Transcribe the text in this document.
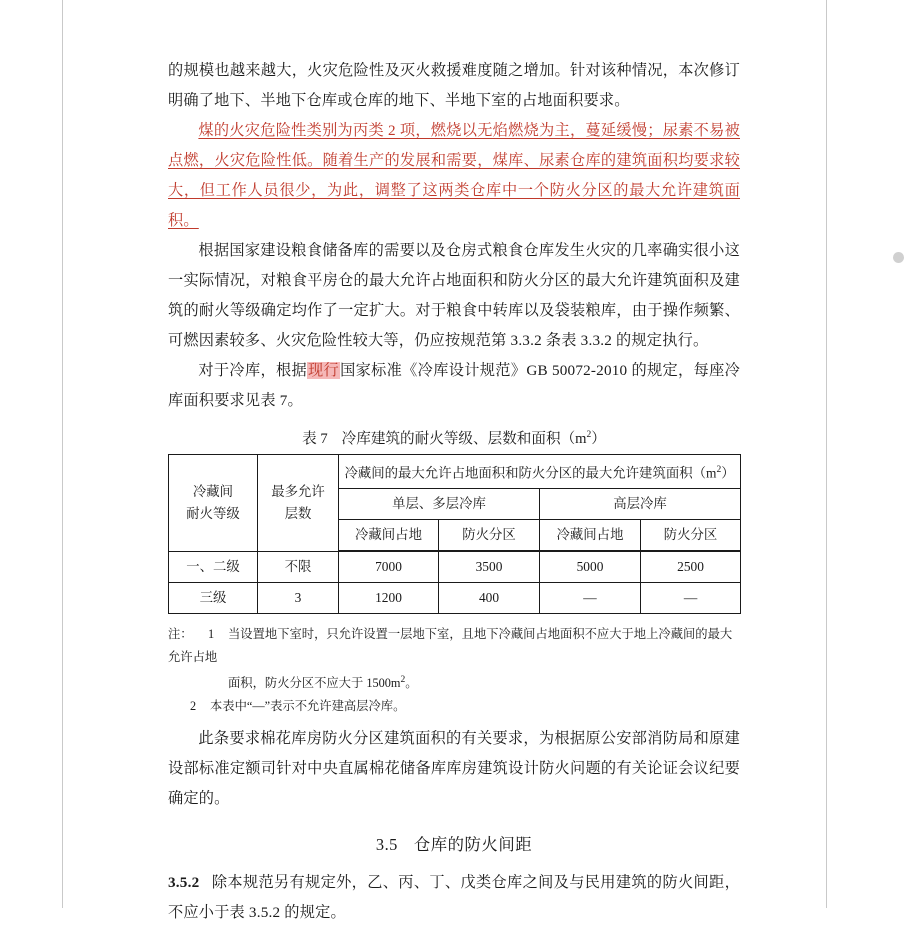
的规模也越来越大，火灾危险性及灭火救援难度随之增加。针对该种情况，本次修订明确了地下、半地下仓库或仓库的地下、半地下室的占地面积要求。

煤的火灾危险性类别为丙类 2 项，燃烧以无焰燃烧为主，蔓延缓慢；尿素不易被点燃，火灾危险性低。随着生产的发展和需要，煤库、尿素仓库的建筑面积均要求较大，但工作人员很少，为此，调整了这两类仓库中一个防火分区的最大允许建筑面积。

根据国家建设粮食储备库的需要以及仓房式粮食仓库发生火灾的几率确实很小这一实际情况，对粮食平房仓的最大允许占地面积和防火分区的最大允许建筑面积及建筑的耐火等级确定均作了一定扩大。对于粮食中转库以及袋装粮库，由于操作频繁、可燃因素较多、火灾危险性较大等，仍应按规范第 3.3.2 条表 3.3.2 的规定执行。

对于冷库，根据现行国家标准《冷库设计规范》GB 50072-2010 的规定，每座冷库面积要求见表 7。

表 7 冷库建筑的耐火等级、层数和面积$(m^2)$
冷藏间
耐火等级

最多允许
层数
	冷藏间的最大允许占地面积和防火分区的最大允许建筑面积$(m^2)$
		单层、多层冷库		高层冷库	
		冷藏间占地	防火分区	冷藏间占地	防火分区
一、二级	不限	7000	3500	5000	2500
三级	3	1200	400	—	—
注： 1 当设置地下室时，只允许设置一层地下室，且地下冷藏间占地面积不应大于地上冷藏间的最大允许占地
面积，防火分区不应大于 $1500m^2$。
2 本表中“—”表示不允许建高层冷库。

此条要求棉花库房防火分区建筑面积的有关要求，为根据原公安部消防局和原建设部标准定额司针对中央直属棉花储备库库房建筑设计防火问题的有关论证会议纪要确定的。

3.5 仓库的防火间距

3.5.2 除本规范另有规定外，乙、丙、丁、戊类仓库之间及与民用建筑的防火间距，不应小于表 3.5.2 的规定。
